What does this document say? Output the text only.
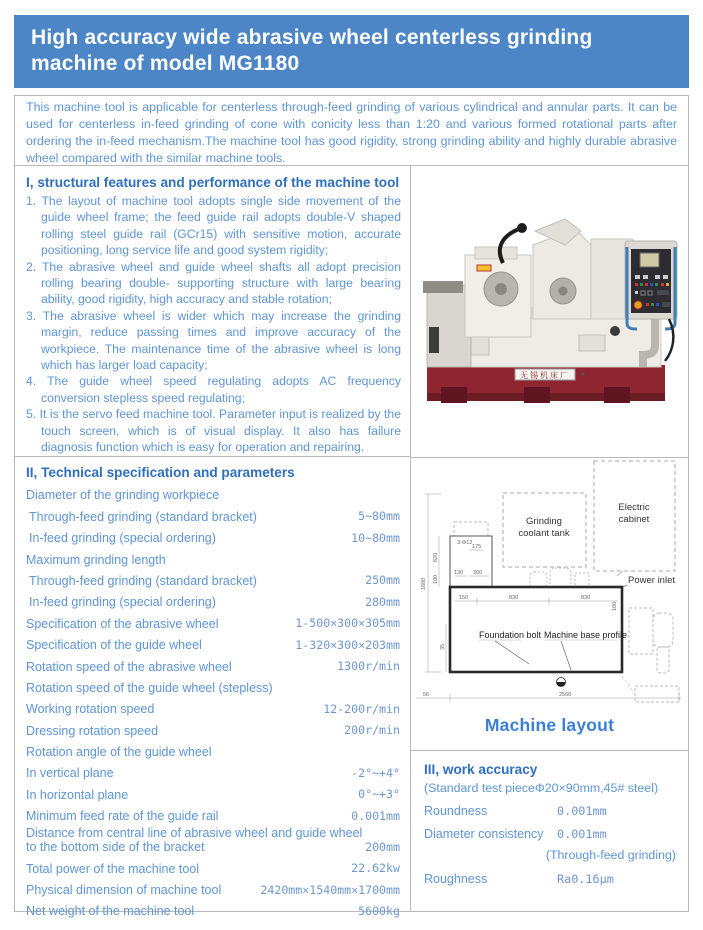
High accuracy wide abrasive wheel centerless grinding
machine of model MG1180
This machine tool is applicable for centerless through-feed grinding of various cylindrical and annular parts. It can be used for centerless in-feed grinding of cone with conicity less than 1:20 and various formed rotational parts after ordering the in-feed mechanism.The machine tool has good rigidity, strong grinding ability and highly durable abrasive wheel compared with the similar machine tools.

I, structural features and performance of the machine tool

The layout of machine tool adopts single side movement of the guide wheel frame; the feed guide rail adopts double-V shaped rolling steel guide rail (GCr15) with sensitive motion, accurate positioning, long service life and good system rigidity;
The abrasive wheel and guide wheel shafts all adopt precision rolling bearing double- supporting structure with large bearing ability, good rigidity, high accuracy and stable rotation;
The abrasive wheel is wider which may increase the grinding margin, reduce passing times and improve accuracy of the workpiece. The maintenance time of the abrasive wheel is long which has larger load capacity;
The guide wheel speed regulating adopts AC frequency conversion stepless speed regulating;
It is the servo feed machine tool. Parameter input is realized by the touch screen, which is of visual display. It also has failure diagnosis function which is easy for operation and repairing.

II, Technical specification and parameters

Diameter of the grinding workpiece
Through-feed grinding (standard bracket)	5~80mm
In-feed grinding (special ordering)	10~80mm
Maximum grinding length
Through-feed grinding (standard bracket)	250mm
In-feed grinding (special ordering)	280mm
Specification of the abrasive wheel	1-500×300×305mm
Specification of the guide wheel	1-320×300×203mm
Rotation speed of the abrasive wheel	1300r/min
Rotation speed of the guide wheel (stepless)
Working rotation speed	12-200r/min
Dressing rotation speed	200r/min
Rotation angle of the guide wheel
In vertical plane	-2°~+4°
In horizontal plane	0°~+3°
Minimum feed rate of the guide rail	0.001mm
Distance from central line of abrasive wheel and guide wheel to the bottom side of the bracket	200mm
Total power of the machine tool	22.62kw
Physical dimension of machine tool	2420mm×1540mm×1700mm
Net weight of the machine tool	5600kg
无锡机床厂
Electric
cabinet
Grinding
coolant tank
Power inlet
3-Φ12
175
130 300
150	830	830
100
Foundation bolt Machine base profile
1680
620
100
35
56	2560
Machine layout

III, work accuracy

(Standard test pieceΦ20×90mm,45# steel)
Roundness	0.001mm
Diameter consistency	0.001mm
(Through-feed grinding)
Roughness	Ra0.16μm
